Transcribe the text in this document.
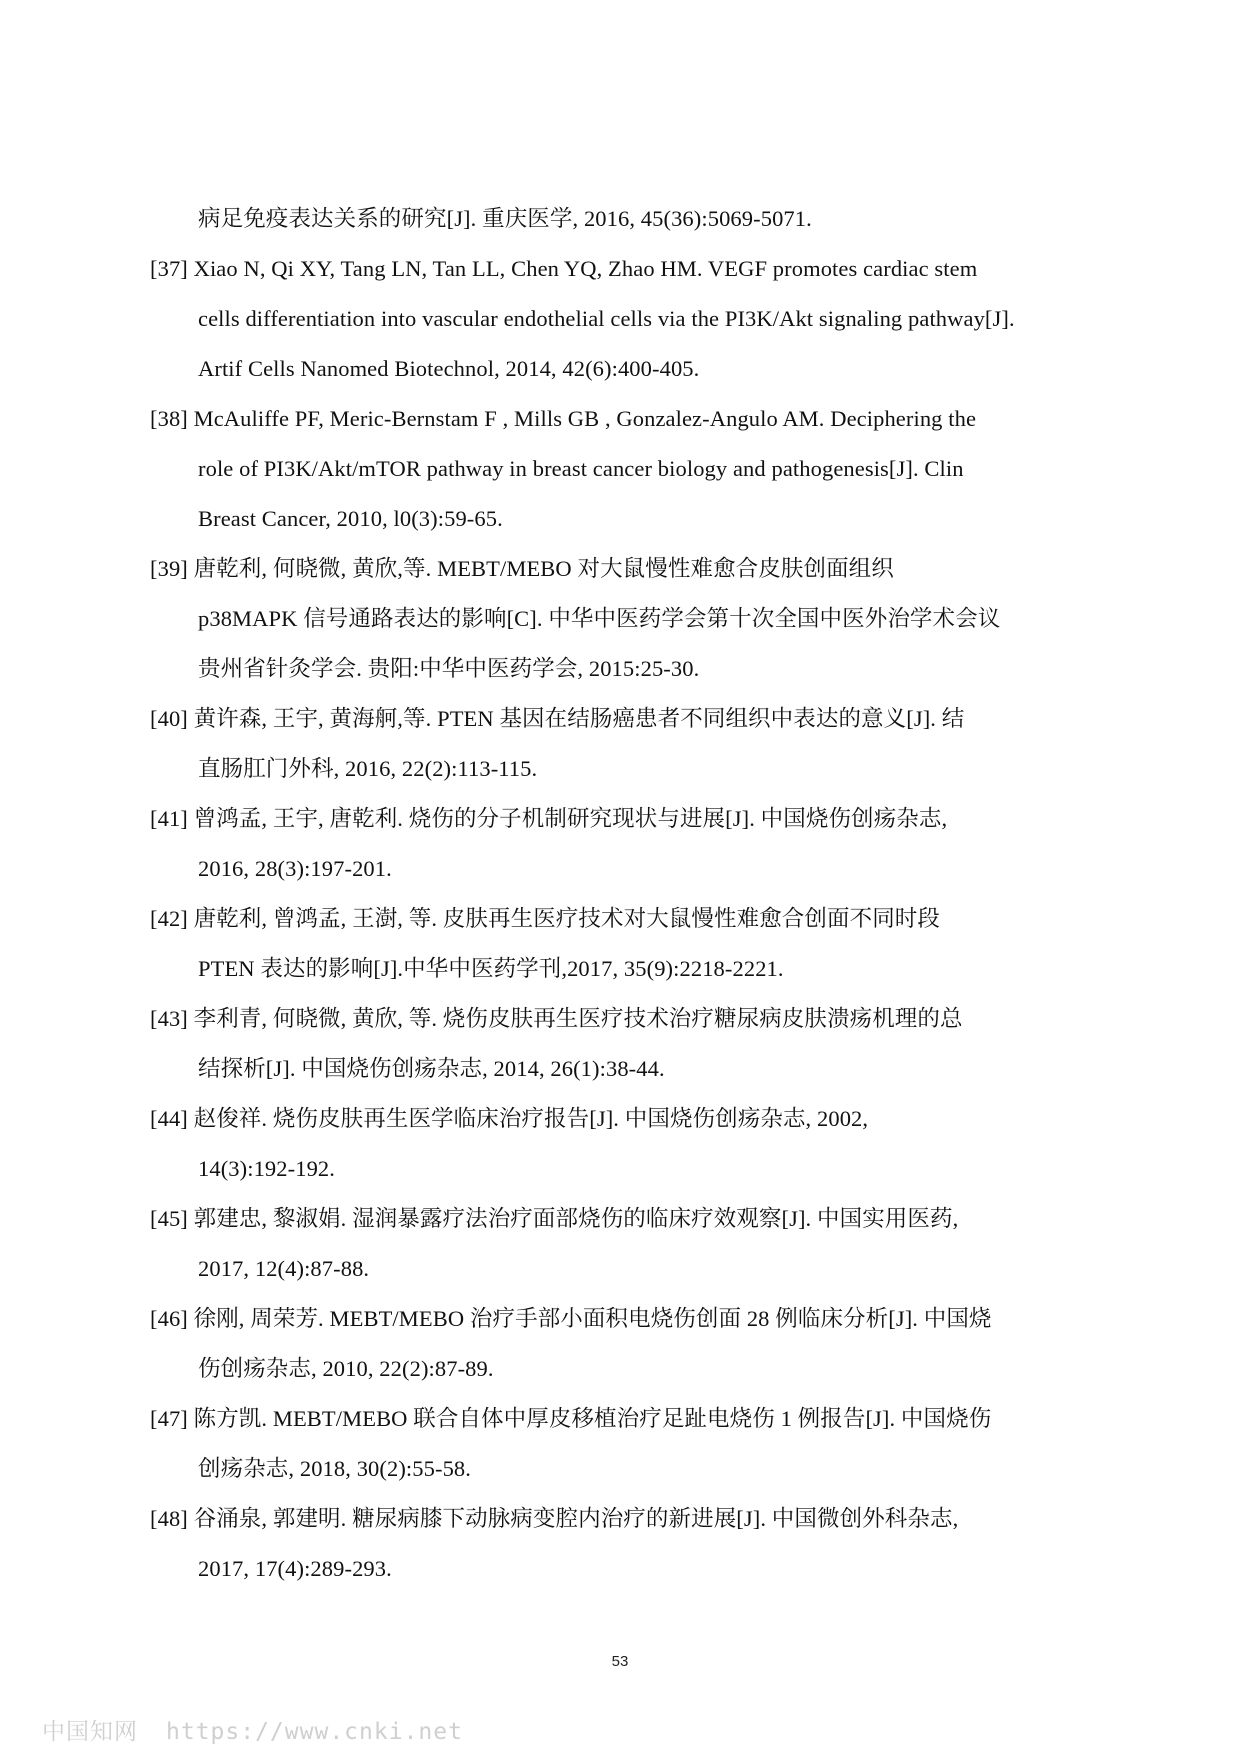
病足免疫表达关系的研究[J]. 重庆医学, 2016, 45(36):5069-5071.
[37] Xiao N, Qi XY, Tang LN, Tan LL, Chen YQ, Zhao HM. VEGF promotes cardiac stem
cells differentiation into vascular endothelial cells via the PI3K/Akt signaling pathway[J].
Artif Cells Nanomed Biotechnol, 2014, 42(6):400-405.
[38] McAuliffe PF, Meric-Bernstam F , Mills GB , Gonzalez-Angulo AM. Deciphering the
role of PI3K/Akt/mTOR pathway in breast cancer biology and pathogenesis[J]. Clin
Breast Cancer, 2010, l0(3):59-65.
[39] 唐乾利, 何晓微, 黄欣,等. MEBT/MEBO 对大鼠慢性难愈合皮肤创面组织
p38MAPK 信号通路表达的影响[C]. 中华中医药学会第十次全国中医外治学术会议
贵州省针灸学会. 贵阳:中华中医药学会, 2015:25-30.
[40] 黄许森, 王宇, 黄海舸,等. PTEN 基因在结肠癌患者不同组织中表达的意义[J]. 结
直肠肛门外科, 2016, 22(2):113-115.
[41] 曾鸿孟, 王宇, 唐乾利. 烧伤的分子机制研究现状与进展[J]. 中国烧伤创疡杂志,
2016, 28(3):197-201.
[42] 唐乾利, 曾鸿孟, 王澍, 等. 皮肤再生医疗技术对大鼠慢性难愈合创面不同时段
PTEN 表达的影响[J].中华中医药学刊,2017, 35(9):2218-2221.
[43] 李利青, 何晓微, 黄欣, 等. 烧伤皮肤再生医疗技术治疗糖尿病皮肤溃疡机理的总
结探析[J]. 中国烧伤创疡杂志, 2014, 26(1):38-44.
[44] 赵俊祥. 烧伤皮肤再生医学临床治疗报告[J]. 中国烧伤创疡杂志, 2002,
14(3):192-192.
[45] 郭建忠, 黎淑娟. 湿润暴露疗法治疗面部烧伤的临床疗效观察[J]. 中国实用医药,
2017, 12(4):87-88.
[46] 徐刚, 周荣芳. MEBT/MEBO 治疗手部小面积电烧伤创面 28 例临床分析[J]. 中国烧
伤创疡杂志, 2010, 22(2):87-89.
[47] 陈方凯. MEBT/MEBO 联合自体中厚皮移植治疗足趾电烧伤 1 例报告[J]. 中国烧伤
创疡杂志, 2018, 30(2):55-58.
[48] 谷涌泉, 郭建明. 糖尿病膝下动脉病变腔内治疗的新进展[J]. 中国微创外科杂志,
2017, 17(4):289-293.
53
中国知网 https://www.cnki.net
